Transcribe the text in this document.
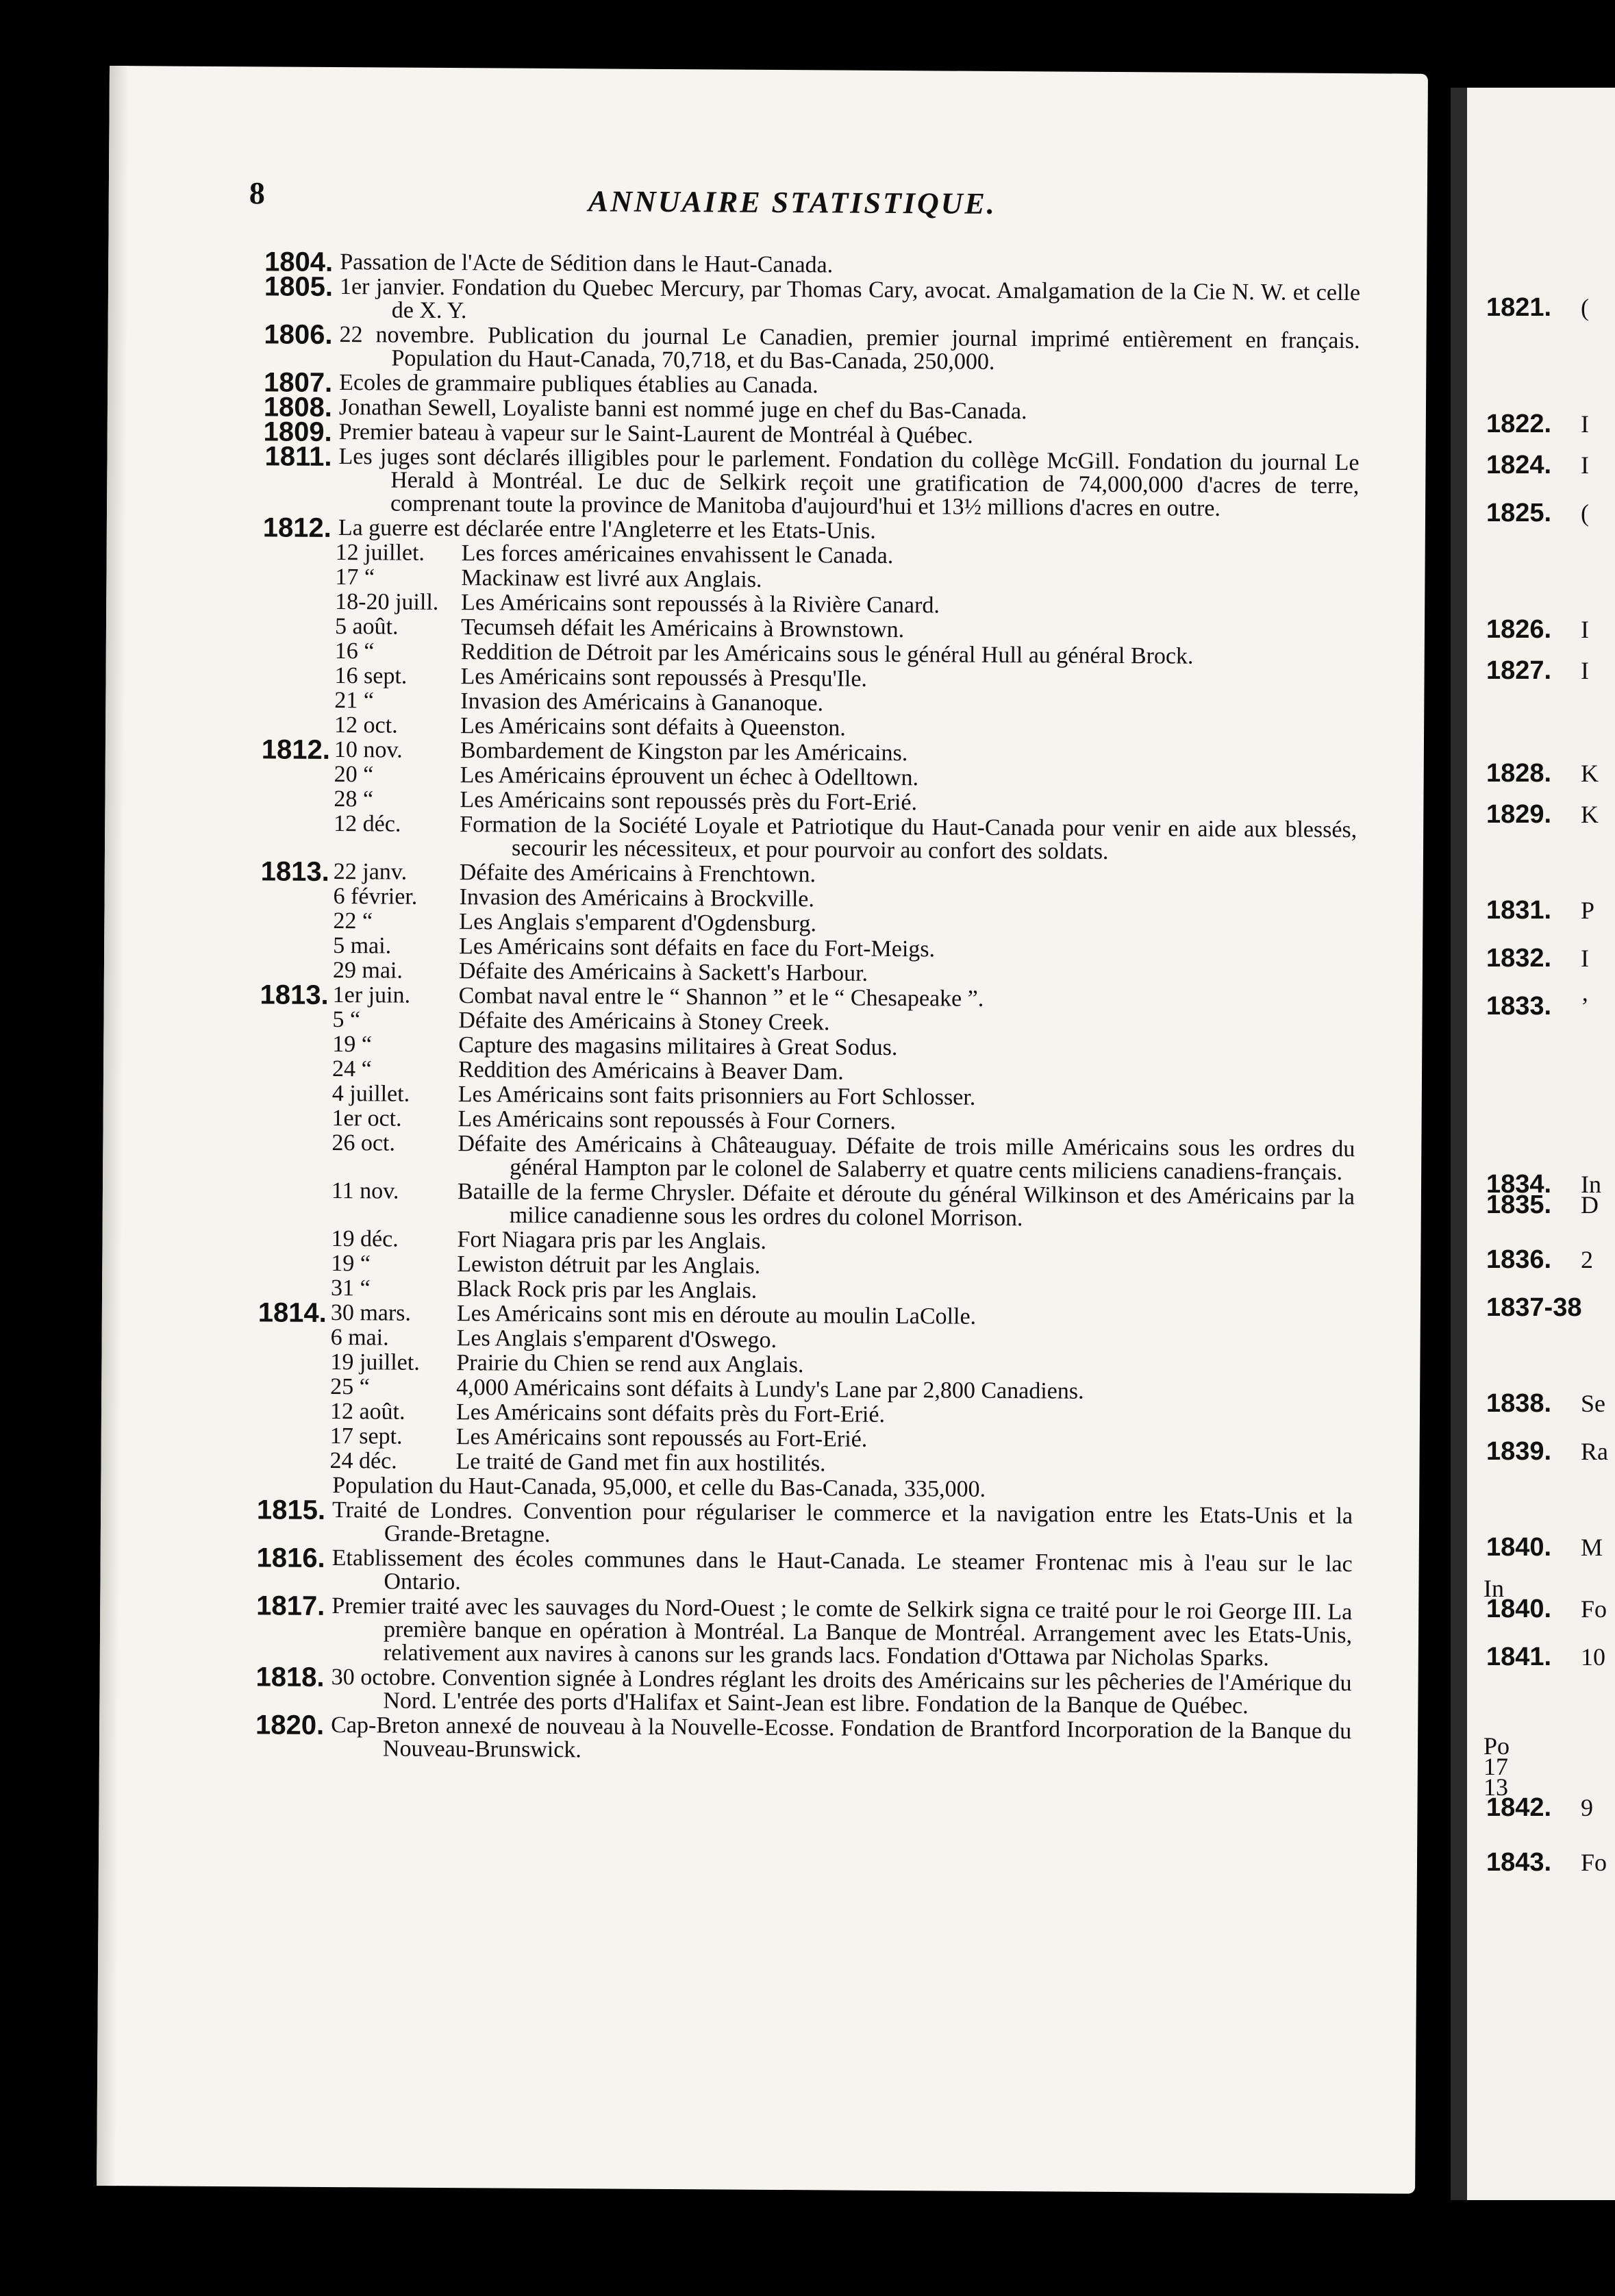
8	ANNUAIRE STATISTIQUE.
1804. Passation de l'Acte de Sédition dans le Haut-Canada.
1805. 1er janvier. Fondation du Quebec Mercury, par Thomas Cary, avocat. Amalgamation de la Cie N. W. et celle de X. Y.
1806. 22 novembre. Publication du journal Le Canadien, premier journal imprimé entièrement en français. Population du Haut-Canada, 70,718, et du Bas-Canada, 250,000.
1807. Ecoles de grammaire publiques établies au Canada.
1808. Jonathan Sewell, Loyaliste banni est nommé juge en chef du Bas-Canada.
1809. Premier bateau à vapeur sur le Saint-Laurent de Montréal à Québec.
1811. Les juges sont déclarés illigibles pour le parlement. Fondation du collège McGill. Fondation du journal Le Herald à Montréal. Le duc de Selkirk reçoit une gratification de 74,000,000 d'acres de terre, comprenant toute la province de Manitoba d'aujourd'hui et 13½ millions d'acres en outre.
1812. La guerre est déclarée entre l'Angleterre et les Etats-Unis.
12 juillet.	Les forces américaines envahissent le Canada.
17 “	Mackinaw est livré aux Anglais.
18-20 juill. Les Américains sont repoussés à la Rivière Canard.
5 août.	Tecumseh défait les Américains à Brownstown.
16 “	Reddition de Détroit par les Américains sous le général Hull au général Brock.
16 sept.	Les Américains sont repoussés à Presqu'Ile.
21 “	Invasion des Américains à Gananoque.
12 oct.	Les Américains sont défaits à Queenston.
1812. 10 nov.	Bombardement de Kingston par les Américains.
20 “	Les Américains éprouvent un échec à Odelltown.
28 “	Les Américains sont repoussés près du Fort-Erié.
12 déc.	Formation de la Société Loyale et Patriotique du Haut-Canada pour venir en aide aux blessés, secourir les nécessiteux, et pour pourvoir au confort des soldats.
1813. 22 janv.	Défaite des Américains à Frenchtown.
6 février.	Invasion des Américains à Brockville.
22 “	Les Anglais s'emparent d'Ogdensburg.
5 mai.	Les Américains sont défaits en face du Fort-Meigs.
29 mai.	Défaite des Américains à Sackett's Harbour.
1813. 1er juin.	Combat naval entre le “ Shannon ” et le “ Chesapeake ”.
5 “	Défaite des Américains à Stoney Creek.
19 “	Capture des magasins militaires à Great Sodus.
24 “	Reddition des Américains à Beaver Dam.
4 juillet.	Les Américains sont faits prisonniers au Fort Schlosser.
1er oct.	Les Américains sont repoussés à Four Corners.
26 oct.	Défaite des Américains à Châteauguay. Défaite de trois mille Américains sous les ordres du général Hampton par le colonel de Salaberry et quatre cents miliciens canadiens-français.
11 nov.	Bataille de la ferme Chrysler. Défaite et déroute du général Wilkinson et des Américains par la milice canadienne sous les ordres du colonel Morrison.
19 déc.	Fort Niagara pris par les Anglais.
19 “	Lewiston détruit par les Anglais.
31 “	Black Rock pris par les Anglais.
1814. 30 mars.	Les Américains sont mis en déroute au moulin LaColle.
6 mai.	Les Anglais s'emparent d'Oswego.
19 juillet.	Prairie du Chien se rend aux Anglais.
25 “	4,000 Américains sont défaits à Lundy's Lane par 2,800 Canadiens.
12 août.	Les Américains sont défaits près du Fort-Erié.
17 sept.	Les Américains sont repoussés au Fort-Erié.
24 déc.	Le traité de Gand met fin aux hostilités.
Population du Haut-Canada, 95,000, et celle du Bas-Canada, 335,000.
1815. Traité de Londres. Convention pour régulariser le commerce et la navigation entre les Etats-Unis et la Grande-Bretagne.
1816. Etablissement des écoles communes dans le Haut-Canada. Le steamer Frontenac mis à l'eau sur le lac Ontario.
1817. Premier traité avec les sauvages du Nord-Ouest ; le comte de Selkirk signa ce traité pour le roi George III. La première banque en opération à Montréal. La Banque de Montréal. Arrangement avec les Etats-Unis, relativement aux navires à canons sur les grands lacs. Fondation d'Ottawa par Nicholas Sparks.
1818. 30 octobre. Convention signée à Londres réglant les droits des Américains sur les pêcheries de l'Amérique du Nord. L'entrée des ports d'Halifax et Saint-Jean est libre. Fondation de la Banque de Québec.
1820. Cap-Breton annexé de nouveau à la Nouvelle-Ecosse. Fondation de Brantford Incorporation de la Banque du Nouveau-Brunswick.
1821. (
1822. I
1824. I
1825. (
1826. I
1827. I
1828. K
1829. K
1831. P
1832. I
1833. ’
1834. In
1835. D
1836. 2
1837-38
1838. Se
1839. Ra
1840. M
In
1840. Fo
1841. 10
Po
17
13
1842. 9
1843. Fo
